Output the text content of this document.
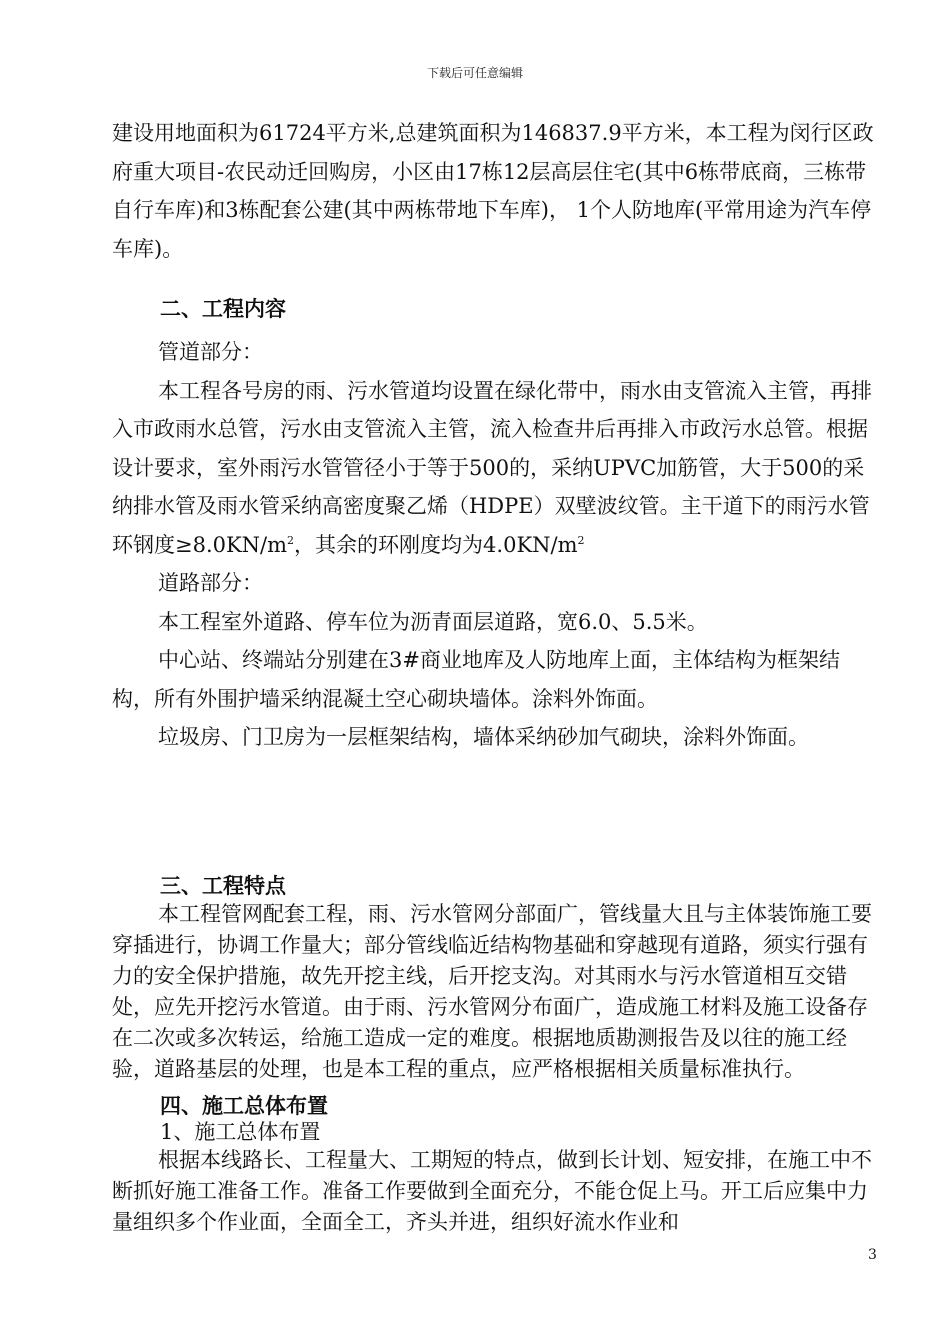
下载后可任意编辑

建设用地面积为61724平方米,总建筑面积为146837.9平方米，本工程为闵行区政府重大项目-农民动迁回购房，小区由17栋12层高层住宅(其中6栋带底商，三栋带自行车库)和3栋配套公建(其中两栋带地下车库)， 1个人防地库(平常用途为汽车停车库)。

二、工程内容

管道部分：

本工程各号房的雨、污水管道均设置在绿化带中，雨水由支管流入主管，再排入市政雨水总管，污水由支管流入主管，流入检查井后再排入市政污水总管。根据设计要求，室外雨污水管管径小于等于500的，采纳UPVC加筋管，大于500的采纳排水管及雨水管采纳高密度聚乙烯（HDPE）双壁波纹管。主干道下的雨污水管环钢度$\ge 8.0KN/m^2$，其余的环刚度均为$4.0KN/m^2$

道路部分：

本工程室外道路、停车位为沥青面层道路，宽6.0、5.5米。

中心站、终端站分别建在3#商业地库及人防地库上面，主体结构为框架结构，所有外围护墙采纳混凝土空心砌块墙体。涂料外饰面。

垃圾房、门卫房为一层框架结构，墙体采纳砂加气砌块，涂料外饰面。

三、工程特点

本工程管网配套工程，雨、污水管网分部面广，管线量大且与主体装饰施工要穿插进行，协调工作量大；部分管线临近结构物基础和穿越现有道路，须实行强有力的安全保护措施，故先开挖主线，后开挖支沟。对其雨水与污水管道相互交错处，应先开挖污水管道。由于雨、污水管网分布面广，造成施工材料及施工设备存在二次或多次转运，给施工造成一定的难度。根据地质勘测报告及以往的施工经验，道路基层的处理，也是本工程的重点，应严格根据相关质量标准执行。

四、施工总体布置

1、施工总体布置

根据本线路长、工程量大、工期短的特点，做到长计划、短安排，在施工中不断抓好施工准备工作。准备工作要做到全面充分，不能仓促上马。开工后应集中力量组织多个作业面，全面全工，齐头并进，组织好流水作业和

3
